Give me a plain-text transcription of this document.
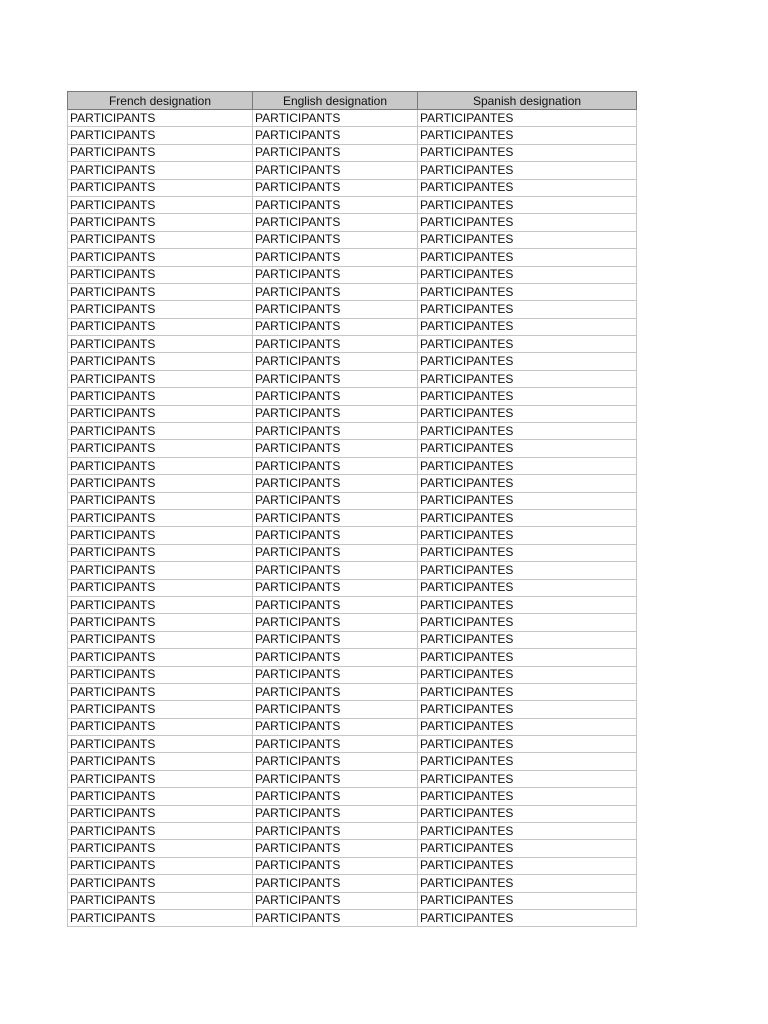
French designation	English designation	Spanish designation
PARTICIPANTS	PARTICIPANTS	PARTICIPANTES
PARTICIPANTS	PARTICIPANTS	PARTICIPANTES
PARTICIPANTS	PARTICIPANTS	PARTICIPANTES
PARTICIPANTS	PARTICIPANTS	PARTICIPANTES
PARTICIPANTS	PARTICIPANTS	PARTICIPANTES
PARTICIPANTS	PARTICIPANTS	PARTICIPANTES
PARTICIPANTS	PARTICIPANTS	PARTICIPANTES
PARTICIPANTS	PARTICIPANTS	PARTICIPANTES
PARTICIPANTS	PARTICIPANTS	PARTICIPANTES
PARTICIPANTS	PARTICIPANTS	PARTICIPANTES
PARTICIPANTS	PARTICIPANTS	PARTICIPANTES
PARTICIPANTS	PARTICIPANTS	PARTICIPANTES
PARTICIPANTS	PARTICIPANTS	PARTICIPANTES
PARTICIPANTS	PARTICIPANTS	PARTICIPANTES
PARTICIPANTS	PARTICIPANTS	PARTICIPANTES
PARTICIPANTS	PARTICIPANTS	PARTICIPANTES
PARTICIPANTS	PARTICIPANTS	PARTICIPANTES
PARTICIPANTS	PARTICIPANTS	PARTICIPANTES
PARTICIPANTS	PARTICIPANTS	PARTICIPANTES
PARTICIPANTS	PARTICIPANTS	PARTICIPANTES
PARTICIPANTS	PARTICIPANTS	PARTICIPANTES
PARTICIPANTS	PARTICIPANTS	PARTICIPANTES
PARTICIPANTS	PARTICIPANTS	PARTICIPANTES
PARTICIPANTS	PARTICIPANTS	PARTICIPANTES
PARTICIPANTS	PARTICIPANTS	PARTICIPANTES
PARTICIPANTS	PARTICIPANTS	PARTICIPANTES
PARTICIPANTS	PARTICIPANTS	PARTICIPANTES
PARTICIPANTS	PARTICIPANTS	PARTICIPANTES
PARTICIPANTS	PARTICIPANTS	PARTICIPANTES
PARTICIPANTS	PARTICIPANTS	PARTICIPANTES
PARTICIPANTS	PARTICIPANTS	PARTICIPANTES
PARTICIPANTS	PARTICIPANTS	PARTICIPANTES
PARTICIPANTS	PARTICIPANTS	PARTICIPANTES
PARTICIPANTS	PARTICIPANTS	PARTICIPANTES
PARTICIPANTS	PARTICIPANTS	PARTICIPANTES
PARTICIPANTS	PARTICIPANTS	PARTICIPANTES
PARTICIPANTS	PARTICIPANTS	PARTICIPANTES
PARTICIPANTS	PARTICIPANTS	PARTICIPANTES
PARTICIPANTS	PARTICIPANTS	PARTICIPANTES
PARTICIPANTS	PARTICIPANTS	PARTICIPANTES
PARTICIPANTS	PARTICIPANTS	PARTICIPANTES
PARTICIPANTS	PARTICIPANTS	PARTICIPANTES
PARTICIPANTS	PARTICIPANTS	PARTICIPANTES
PARTICIPANTS	PARTICIPANTS	PARTICIPANTES
PARTICIPANTS	PARTICIPANTS	PARTICIPANTES
PARTICIPANTS	PARTICIPANTS	PARTICIPANTES
PARTICIPANTS	PARTICIPANTS	PARTICIPANTES
